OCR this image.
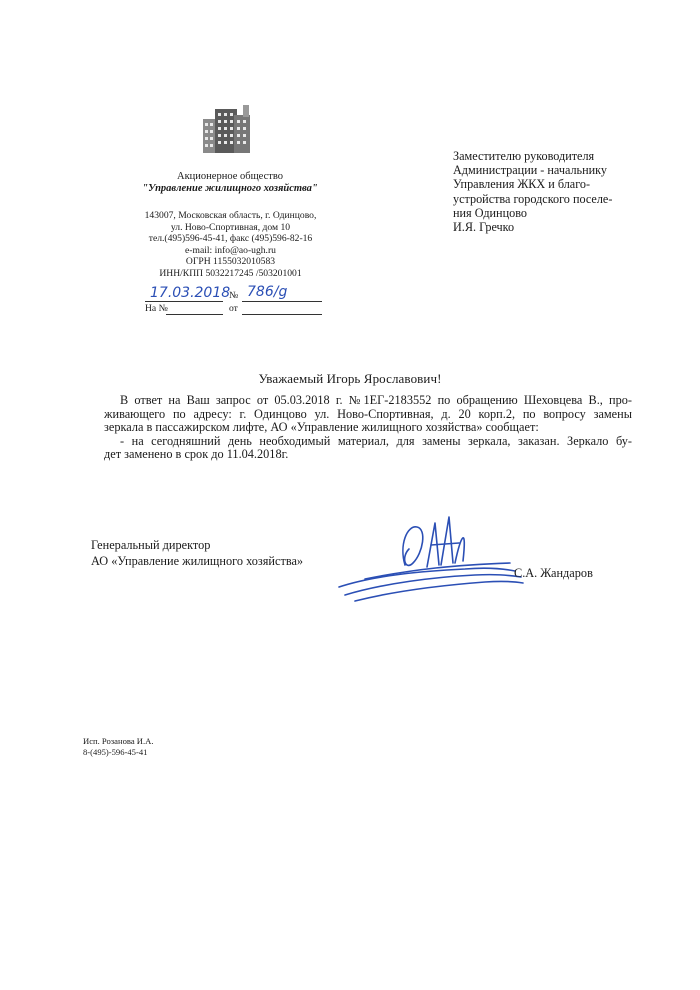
Акционерное общество
"Управление жилищного хозяйства"
143007, Московская область, г. Одинцово,
ул. Ново-Спортивная, дом 10
тел.(495)596-45-41, факс (495)596-82-16
e-mail: info@ao-ugh.ru
ОГРН 1155032010583
ИНН/КПП 5032217245 /503201001
17.03.2018
№ 786/g
На №	от
Заместителю руководителя
Администрации - начальнику
Управления ЖКХ и благо-
устройства городского поселе-
ния Одинцово
И.Я. Гречко
Уважаемый Игорь Ярославович!
В ответ на Ваш запрос от 05.03.2018 г. №1ЕГ-2183552 по обращению Шеховцева В., про-
живающего по адресу: г. Одинцово ул. Ново-Спортивная, д. 20 корп.2, по вопросу замены
зеркала в пассажирском лифте, АО «Управление жилищного хозяйства» сообщает:
- на сегодняшний день необходимый материал, для замены зеркала, заказан. Зеркало бу-
дет заменено в срок до 11.04.2018г.
Генеральный директор
АО «Управление жилищного хозяйства»
С.А. Жандаров
Исп. Розанова И.А.
8-(495)-596-45-41
